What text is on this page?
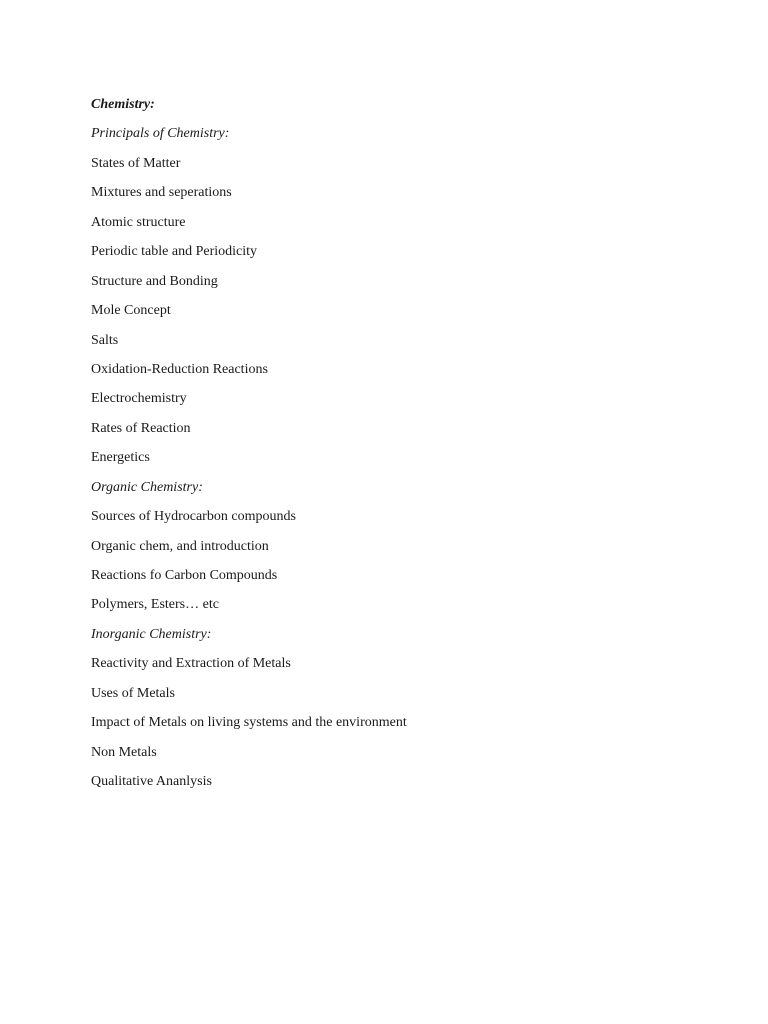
Chemistry:
Principals of Chemistry:
States of Matter
Mixtures and seperations
Atomic structure
Periodic table and Periodicity
Structure and Bonding
Mole Concept
Salts
Oxidation-Reduction Reactions
Electrochemistry
Rates of Reaction
Energetics
Organic Chemistry:
Sources of Hydrocarbon compounds
Organic chem, and introduction
Reactions fo Carbon Compounds
Polymers, Esters… etc
Inorganic Chemistry:
Reactivity and Extraction of Metals
Uses of Metals
Impact of Metals on living systems and the environment
Non Metals
Qualitative Ananlysis
